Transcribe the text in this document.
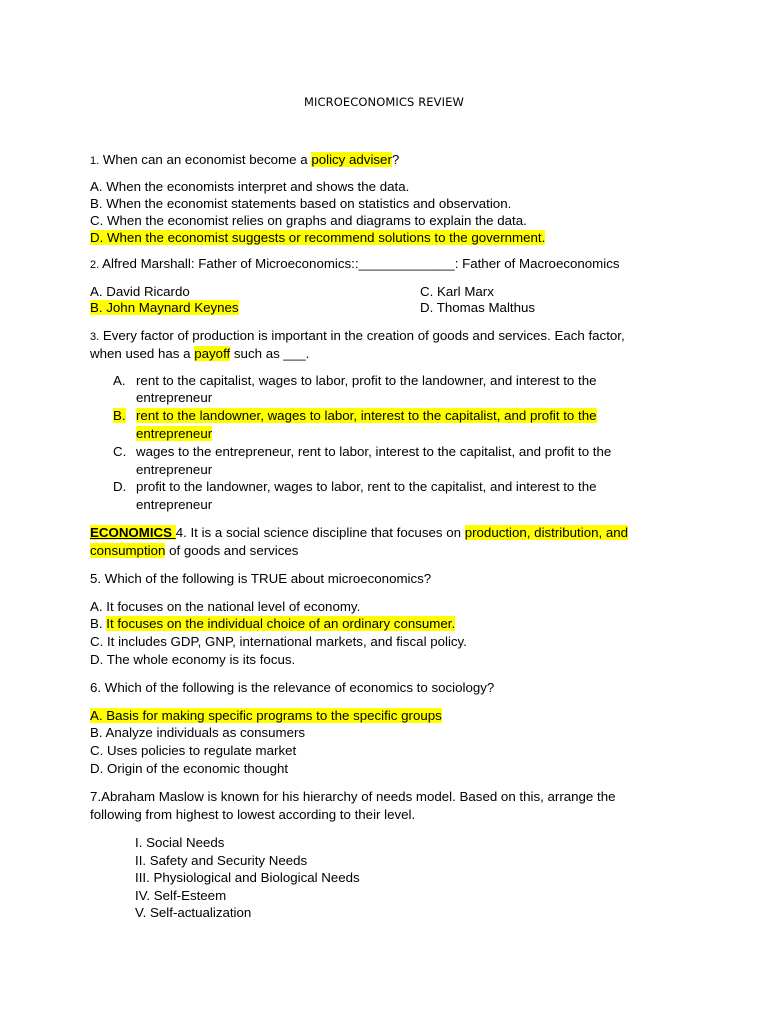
MICROECONOMICS REVIEW
1. When can an economist become a policy adviser?
A. When the economists interpret and shows the data.
B. When the economist statements based on statistics and observation.
C. When the economist relies on graphs and diagrams to explain the data.
D. When the economist suggests or recommend solutions to the government.
2. Alfred Marshall: Father of Microeconomics::_____________: Father of Macroeconomics
A. David Ricardo
B. John Maynard Keynes
C. Karl Marx
D. Thomas Malthus
3. Every factor of production is important in the creation of goods and services. Each factor,
when used has a payoff such as ___.
A. rent to the capitalist, wages to labor, profit to the landowner, and interest to the
entrepreneur
B. rent to the landowner, wages to labor, interest to the capitalist, and profit to the
entrepreneur
C. wages to the entrepreneur, rent to labor, interest to the capitalist, and profit to the
entrepreneur
D. profit to the landowner, wages to labor, rent to the capitalist, and interest to the
entrepreneur
ECONOMICS 4. It is a social science discipline that focuses on production, distribution, and
consumption of goods and services
5. Which of the following is TRUE about microeconomics?
A. It focuses on the national level of economy.
B. It focuses on the individual choice of an ordinary consumer.
C. It includes GDP, GNP, international markets, and fiscal policy.
D. The whole economy is its focus.
6. Which of the following is the relevance of economics to sociology?
A. Basis for making specific programs to the specific groups
B. Analyze individuals as consumers
C. Uses policies to regulate market
D. Origin of the economic thought
7.Abraham Maslow is known for his hierarchy of needs model. Based on this, arrange the
following from highest to lowest according to their level.
I. Social Needs
II. Safety and Security Needs
III. Physiological and Biological Needs
IV. Self-Esteem
V. Self-actualization
